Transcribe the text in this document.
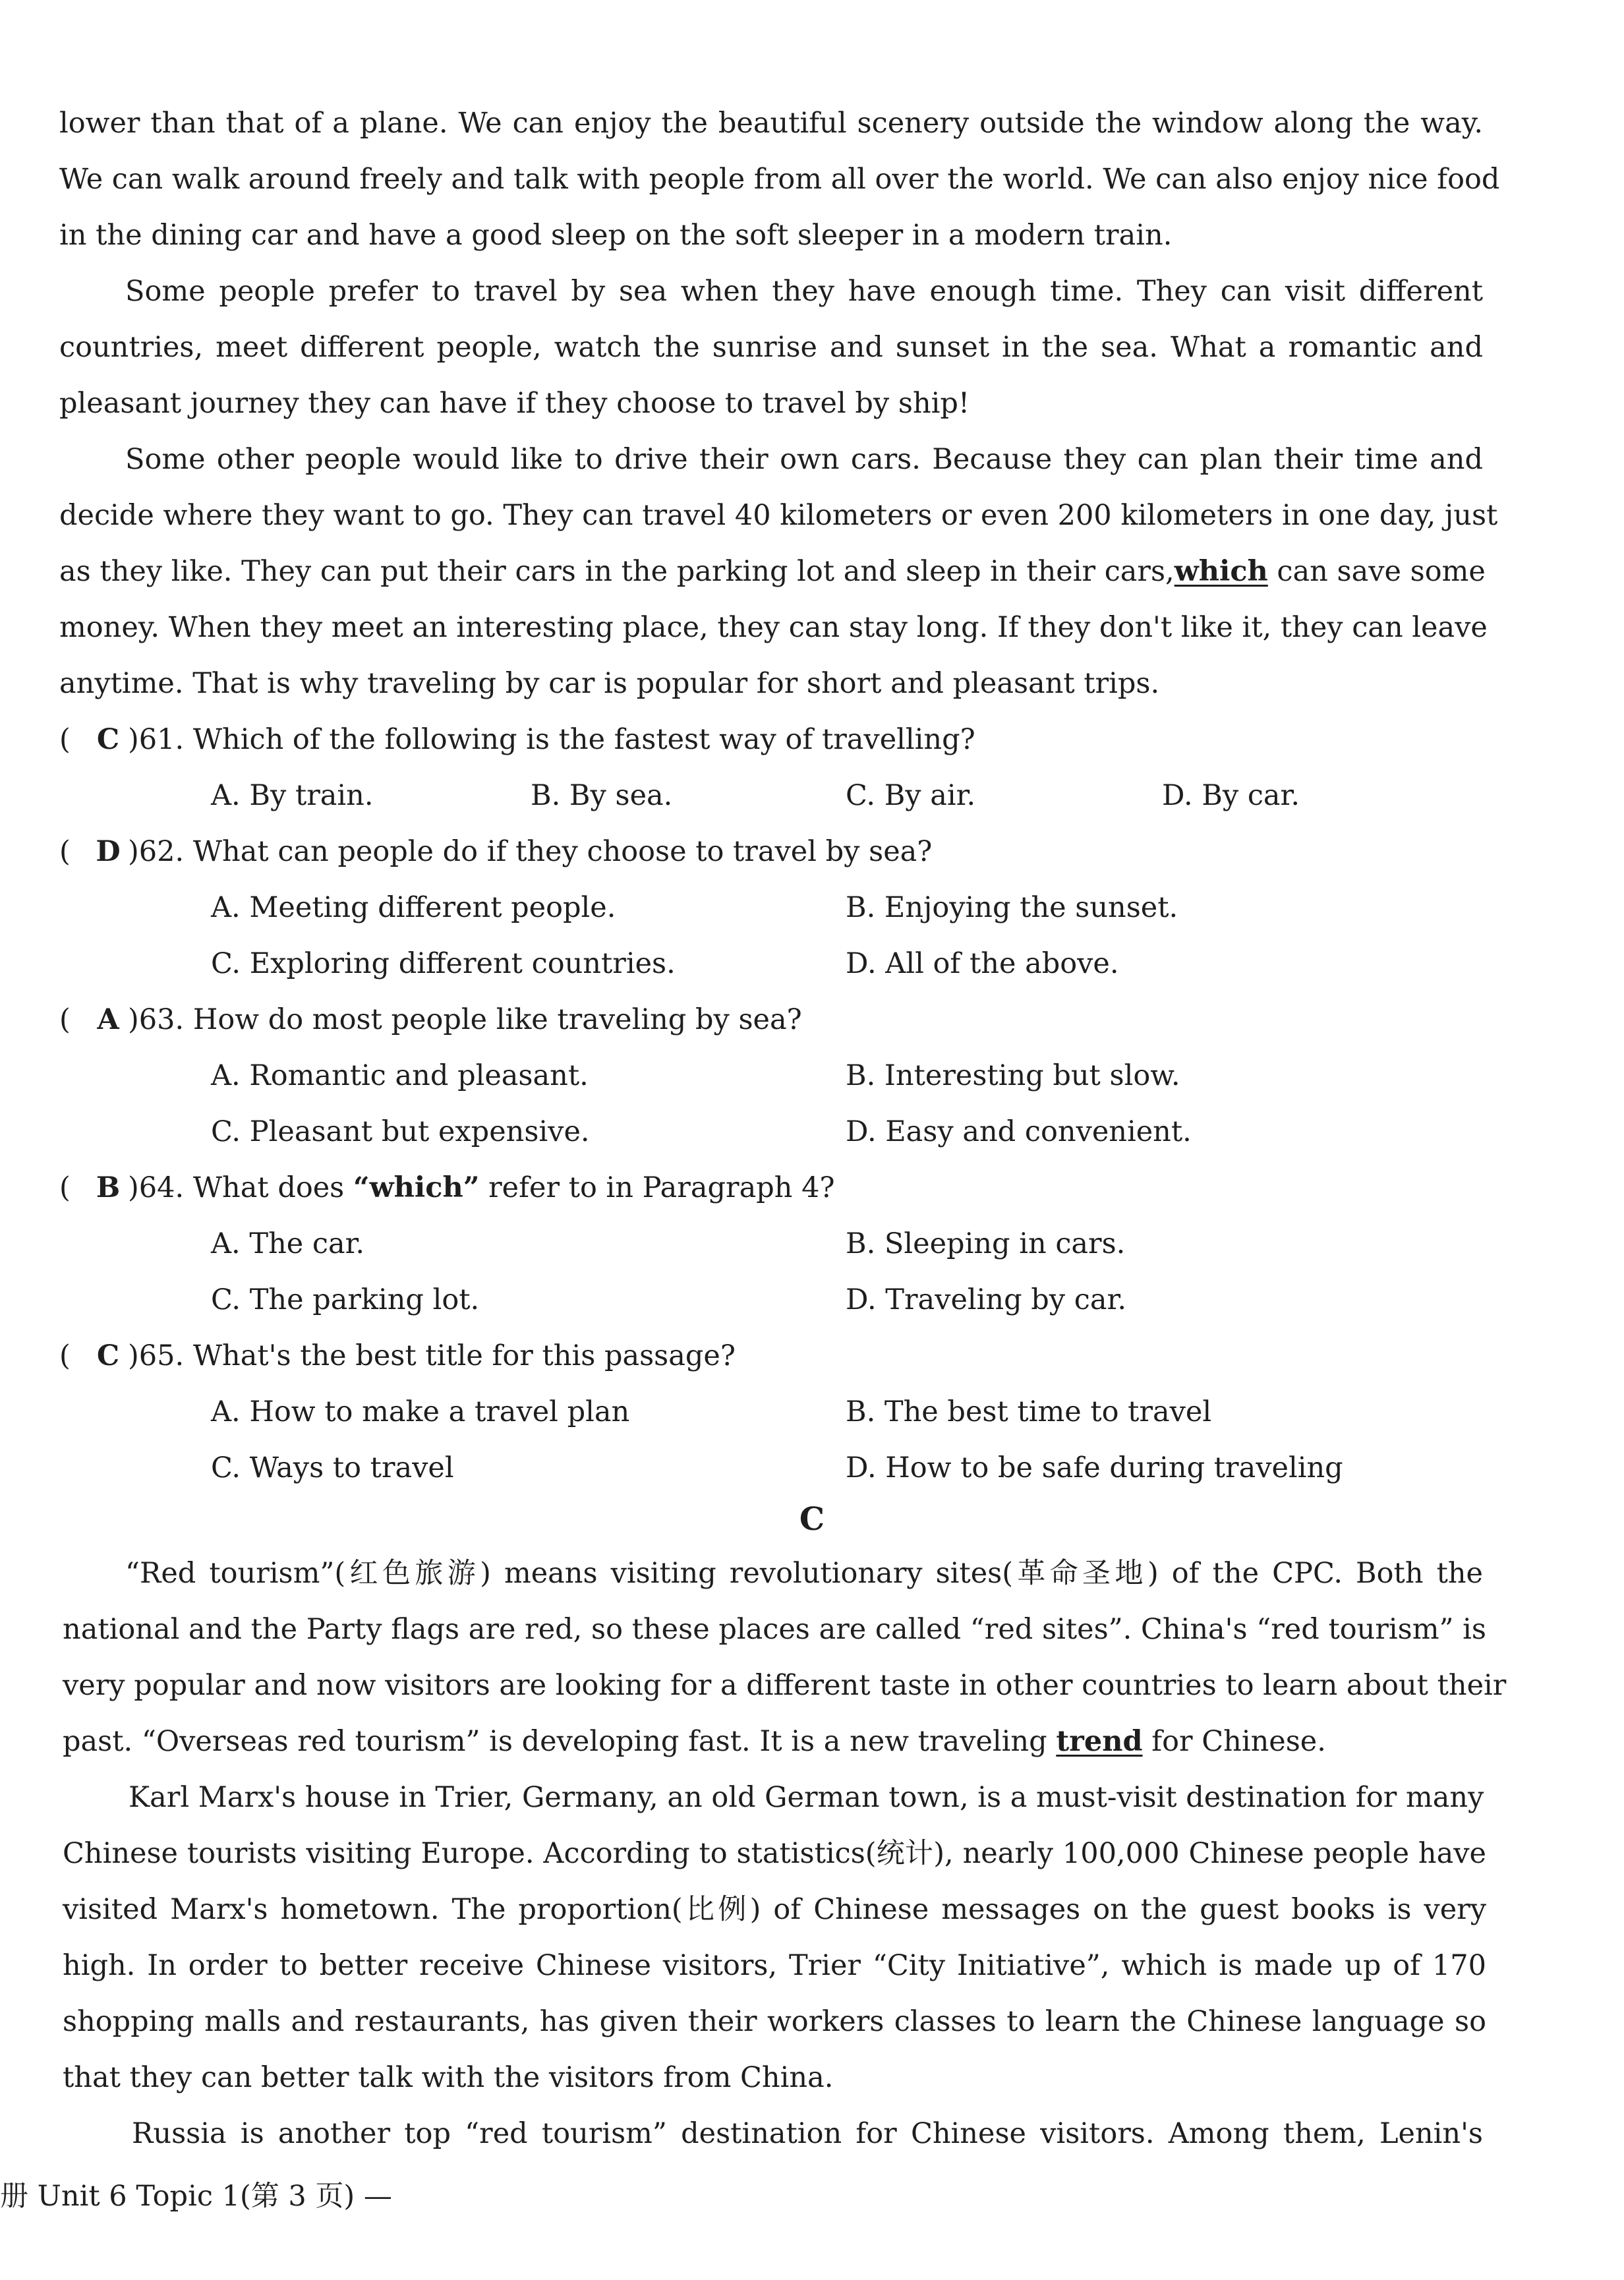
lower than that of a plane. We can enjoy the beautiful scenery outside the window along the way.
We can walk around freely and talk with people from all over the world. We can also enjoy nice food
in the dining car and have a good sleep on the soft sleeper in a modern train.
Some people prefer to travel by sea when they have enough time. They can visit different
countries, meet different people, watch the sunrise and sunset in the sea. What a romantic and
pleasant journey they can have if they choose to travel by ship!
Some other people would like to drive their own cars. Because they can plan their time and
decide where they want to go. They can travel 40 kilometers or even 200 kilometers in one day, just
as they like. They can put their cars in the parking lot and sleep in their cars,which can save some
money. When they meet an interesting place, they can stay long. If they don't like it, they can leave
anytime. That is why traveling by car is popular for short and pleasant trips.
( C )61. Which of the following is the fastest way of travelling?
A. By train.	B. By sea.	C. By air.	D. By car.
( D )62. What can people do if they choose to travel by sea?
A. Meeting different people.	B. Enjoying the sunset.
C. Exploring different countries.	D. All of the above.
( A )63. How do most people like traveling by sea?
A. Romantic and pleasant.	B. Interesting but slow.
C. Pleasant but expensive.	D. Easy and convenient.
( B )64. What does “which” refer to in Paragraph 4?
A. The car.	B. Sleeping in cars.
C. The parking lot.	D. Traveling by car.
( C )65. What's the best title for this passage?
A. How to make a travel plan	B. The best time to travel
C. Ways to travel	D. How to be safe during traveling
C
“Red tourism”(红色旅游) means visiting revolutionary sites(革命圣地) of the CPC. Both the
national and the Party flags are red, so these places are called “red sites”. China's “red tourism” is
very popular and now visitors are looking for a different taste in other countries to learn about their
past. “Overseas red tourism” is developing fast. It is a new traveling trend for Chinese.
Karl Marx's house in Trier, Germany, an old German town, is a must-visit destination for many
Chinese tourists visiting Europe. According to statistics(统计), nearly 100,000 Chinese people have
visited Marx's hometown. The proportion(比例) of Chinese messages on the guest books is very
high. In order to better receive Chinese visitors, Trier “City Initiative”, which is made up of 170
shopping malls and restaurants, has given their workers classes to learn the Chinese language so
that they can better talk with the visitors from China.
Russia is another top “red tourism” destination for Chinese visitors. Among them, Lenin's
册 Unit 6 Topic 1(第 3 页) —
